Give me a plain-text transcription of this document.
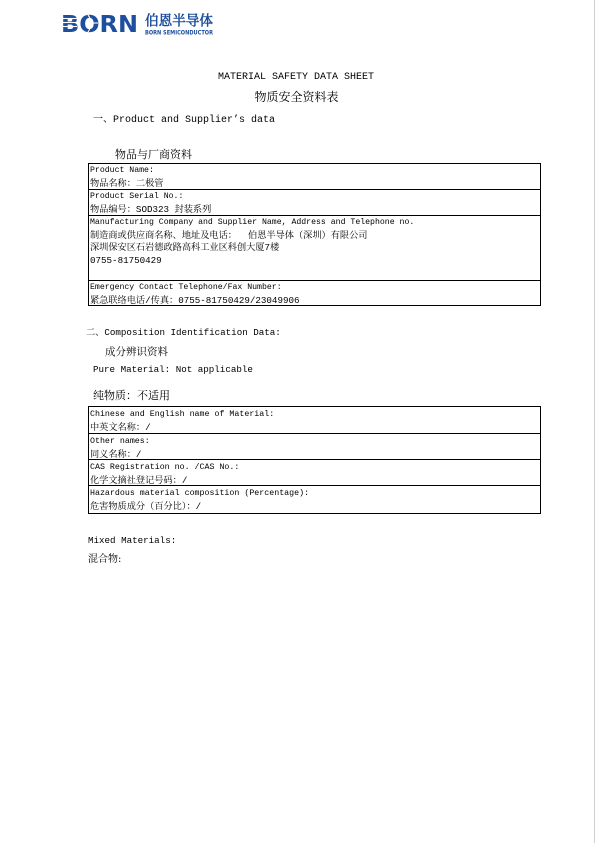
BORN 伯恩半导体
BORN SEMICONDUCTOR
MATERIAL SAFETY DATA SHEET
物质安全资料表
一、Product and Supplier’s data
物品与厂商资料
Product Name:
物品名称：二极管
Product Serial No.:
物品编号：SOD323 封装系列
Manufacturing Company and Supplier Name, Address and Telephone no.
制造商或供应商名称、地址及电话：  伯恩半导体（深圳）有限公司
深圳保安区石岩德政路高科工业区科创大厦7楼
0755-81750429
Emergency Contact Telephone/Fax Number:
紧急联络电话/传真：0755-81750429/23049906
二、Composition Identification Data:
成分辨识资料
Pure Material: Not applicable
纯物质：不适用
Chinese and English name of Material:
中英文名称：/
Other names:
同义名称：/
CAS Registration no. /CAS No.:
化学文摘社登记号码：/
Hazardous material composition (Percentage):
危害物质成分（百分比）：/
Mixed Materials:
混合物:
